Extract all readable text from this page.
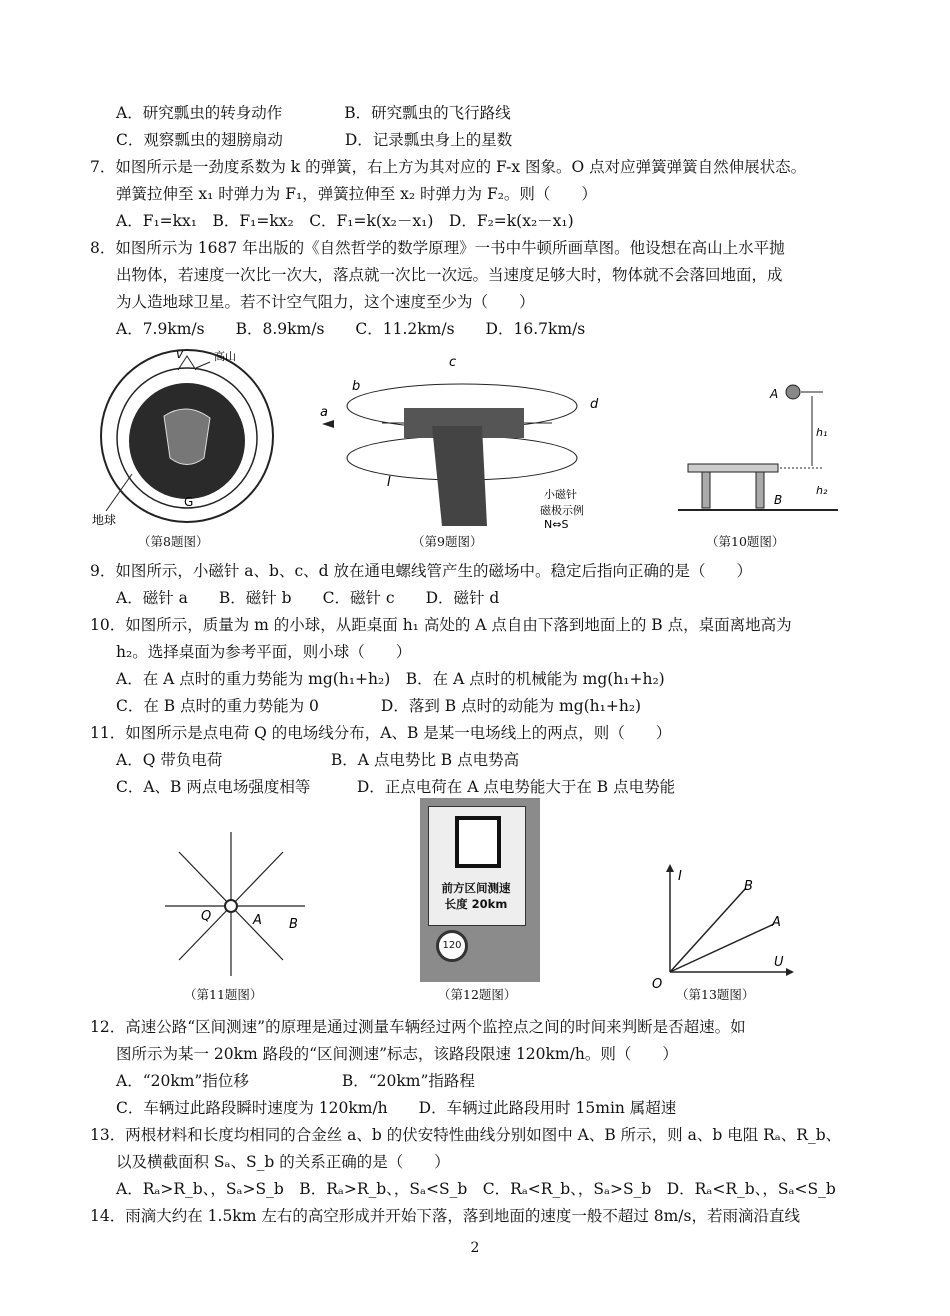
A．研究瓢虫的转身动作　　　　B．研究瓢虫的飞行路线
C．观察瓢虫的翅膀扇动　　　　D．记录瓢虫身上的星数
7．如图所示是一劲度系数为 k 的弹簧，右上方为其对应的 F-x 图象。O 点对应弹簧弹簧自然伸展状态。
弹簧拉伸至 x₁ 时弹力为 F₁，弹簧拉伸至 x₂ 时弹力为 F₂。则（　　）
A．F₁=kx₁　B．F₁=kx₂　C．F₁=k(x₂－x₁)　D．F₂=k(x₂－x₁)
8．如图所示为 1687 年出版的《自然哲学的数学原理》一书中牛顿所画草图。他设想在高山上水平抛
出物体，若速度一次比一次大，落点就一次比一次远。当速度足够大时，物体就不会落回地面，成
为人造地球卫星。若不计空气阻力，这个速度至少为（　　）
A．7.9km/s　　B．8.9km/s　　C．11.2km/s　　D．16.7km/s
v	高山
G
地球
（第8题图）
a
b
c
d
I
小磁针
磁极示例
N⇔S
（第9题图）
A
h₁
h₂
B
（第10题图）
9．如图所示，小磁针 a、b、c、d 放在通电螺线管产生的磁场中。稳定后指向正确的是（　　）
A．磁针 a　　B．磁针 b　　C．磁针 c　　D．磁针 d
10．如图所示，质量为 m 的小球，从距桌面 h₁ 高处的 A 点自由下落到地面上的 B 点，桌面离地高为
h₂。选择桌面为参考平面，则小球（　　）
A．在 A 点时的重力势能为 mg(h₁+h₂)　B．在 A 点时的机械能为 mg(h₁+h₂)
C．在 B 点时的重力势能为 0　　　　D．落到 B 点时的动能为 mg(h₁+h₂)
11．如图所示是点电荷 Q 的电场线分布，A、B 是某一电场线上的两点，则（　　）
A．Q 带负电荷　　　　　　　B．A 点电势比 B 点电势高
C．A、B 两点电场强度相等　　　D．正点电荷在 A 点电势能大于在 B 点电势能
Q	A B
（第11题图）
前方区间测速
长度 20km
120
（第12题图）
I
U
O
B
A
（第13题图）
12．高速公路“区间测速”的原理是通过测量车辆经过两个监控点之间的时间来判断是否超速。如
图所示为某一 20km 路段的“区间测速”标志，该路段限速 120km/h。则（　　）
A．“20km”指位移　　　　　　B．“20km”指路程
C．车辆过此路段瞬时速度为 120km/h　　D．车辆过此路段用时 15min 属超速
13．两根材料和长度均相同的合金丝 a、b 的伏安特性曲线分别如图中 A、B 所示，则 a、b 电阻 Rₐ、R_b、
以及横截面积 Sₐ、S_b 的关系正确的是（　　）
A．Rₐ>R_b、，Sₐ>S_b　B．Rₐ>R_b、，Sₐ<S_b　C．Rₐ<R_b、，Sₐ>S_b　D．Rₐ<R_b、，Sₐ<S_b
14．雨滴大约在 1.5km 左右的高空形成并开始下落，落到地面的速度一般不超过 8m/s，若雨滴沿直线
2
